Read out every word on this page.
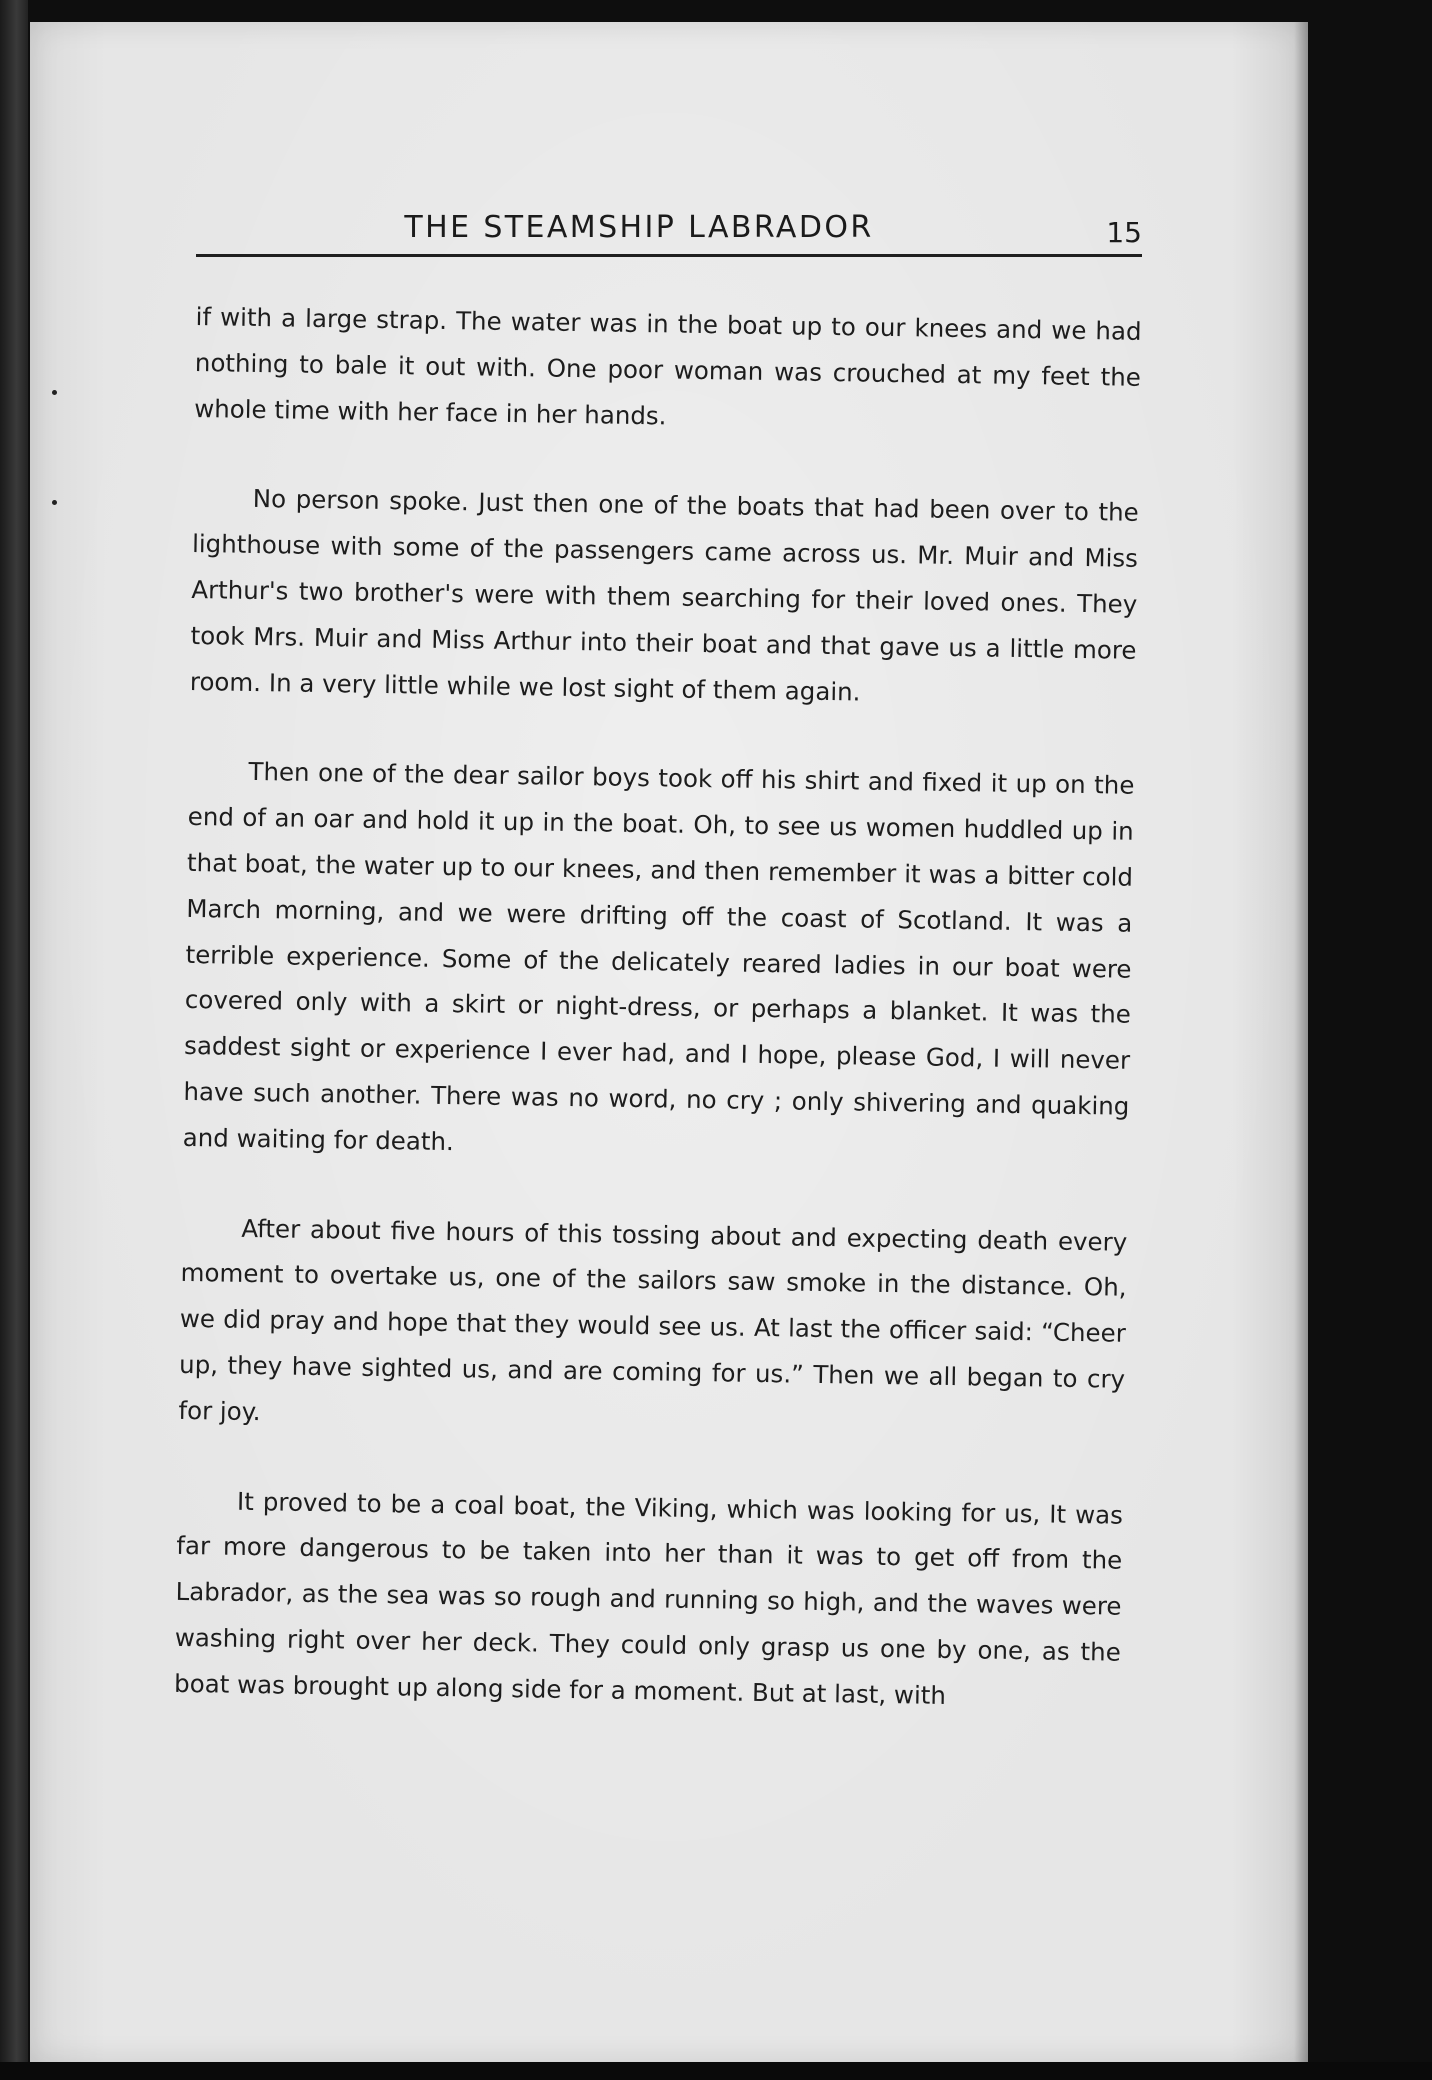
THE STEAMSHIP LABRADOR	15

if with a large strap. The water was in the boat up to our knees and we had nothing to bale it out with. One poor woman was crouched at my feet the whole time with her face in her hands.

No person spoke. Just then one of the boats that had been over to the lighthouse with some of the passengers came across us. Mr. Muir and Miss Arthur's two brother's were with them searching for their loved ones. They took Mrs. Muir and Miss Arthur into their boat and that gave us a little more room. In a very little while we lost sight of them again.

Then one of the dear sailor boys took off his shirt and fixed it up on the end of an oar and hold it up in the boat. Oh, to see us women huddled up in that boat, the water up to our knees, and then remember it was a bitter cold March morning, and we were drifting off the coast of Scotland. It was a terrible experience. Some of the delicately reared ladies in our boat were covered only with a skirt or night-dress, or perhaps a blanket. It was the saddest sight or experience I ever had, and I hope, please God, I will never have such another. There was no word, no cry ; only shivering and quaking and waiting for death.

After about five hours of this tossing about and expecting death every moment to overtake us, one of the sailors saw smoke in the distance. Oh, we did pray and hope that they would see us. At last the officer said: “Cheer up, they have sighted us, and are coming for us.” Then we all began to cry for joy.

It proved to be a coal boat, the Viking, which was looking for us, It was far more dangerous to be taken into her than it was to get off from the Labrador, as the sea was so rough and running so high, and the waves were washing right over her deck. They could only grasp us one by one, as the boat was brought up along side for a moment. But at last, with
